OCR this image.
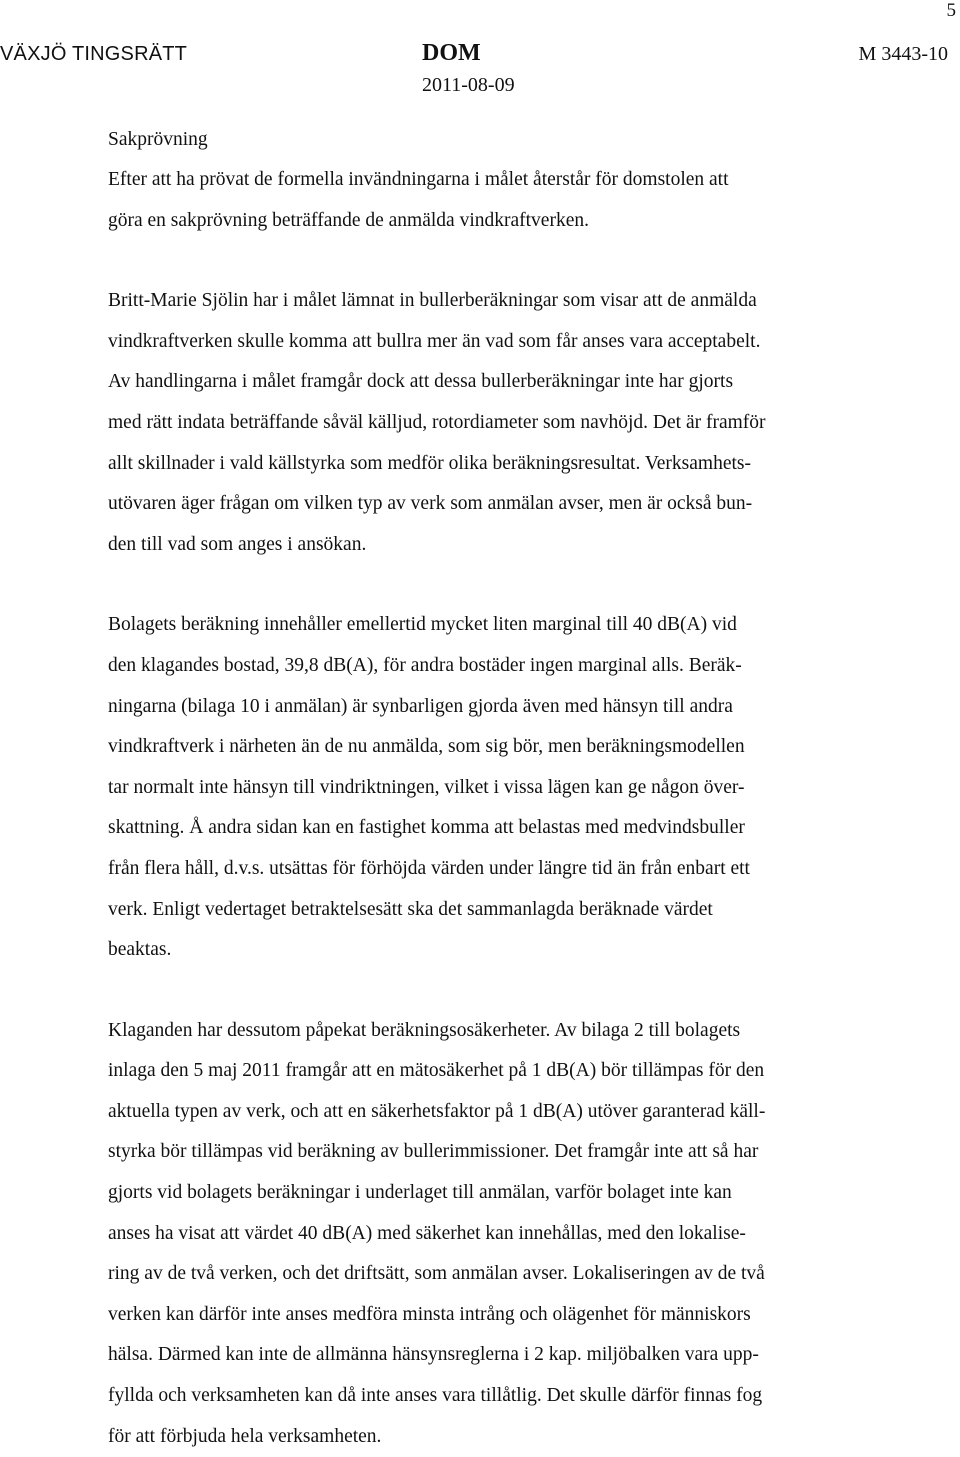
5
VÄXJÖ TINGSRÄTT	DOM
2011-08-09
M 3443-10
Sakprövning

Efter att ha prövat de formella invändningarna i målet återstår för domstolen att
göra en sakprövning beträffande de anmälda vindkraftverken.

Britt-Marie Sjölin har i målet lämnat in bullerberäkningar som visar att de anmälda
vindkraftverken skulle komma att bullra mer än vad som får anses vara acceptabelt.
Av handlingarna i målet framgår dock att dessa bullerberäkningar inte har gjorts
med rätt indata beträffande såväl källjud, rotordiameter som navhöjd. Det är framför
allt skillnader i vald källstyrka som medför olika beräkningsresultat. Verksamhets-
utövaren äger frågan om vilken typ av verk som anmälan avser, men är också bun-
den till vad som anges i ansökan.

Bolagets beräkning innehåller emellertid mycket liten marginal till 40 dB(A) vid
den klagandes bostad, 39,8 dB(A), för andra bostäder ingen marginal alls. Beräk-
ningarna (bilaga 10 i anmälan) är synbarligen gjorda även med hänsyn till andra
vindkraftverk i närheten än de nu anmälda, som sig bör, men beräkningsmodellen
tar normalt inte hänsyn till vindriktningen, vilket i vissa lägen kan ge någon över-
skattning. Å andra sidan kan en fastighet komma att belastas med medvindsbuller
från flera håll, d.v.s. utsättas för förhöjda värden under längre tid än från enbart ett
verk. Enligt vedertaget betraktelsesätt ska det sammanlagda beräknade värdet
beaktas.

Klaganden har dessutom påpekat beräkningsosäkerheter. Av bilaga 2 till bolagets
inlaga den 5 maj 2011 framgår att en mätosäkerhet på 1 dB(A) bör tillämpas för den
aktuella typen av verk, och att en säkerhetsfaktor på 1 dB(A) utöver garanterad käll-
styrka bör tillämpas vid beräkning av bullerimmissioner. Det framgår inte att så har
gjorts vid bolagets beräkningar i underlaget till anmälan, varför bolaget inte kan
anses ha visat att värdet 40 dB(A) med säkerhet kan innehållas, med den lokalise-
ring av de två verken, och det driftsätt, som anmälan avser. Lokaliseringen av de två
verken kan därför inte anses medföra minsta intrång och olägenhet för människors
hälsa. Därmed kan inte de allmänna hänsynsreglerna i 2 kap. miljöbalken vara upp-
fyllda och verksamheten kan då inte anses vara tillåtlig. Det skulle därför finnas fog
för att förbjuda hela verksamheten.
